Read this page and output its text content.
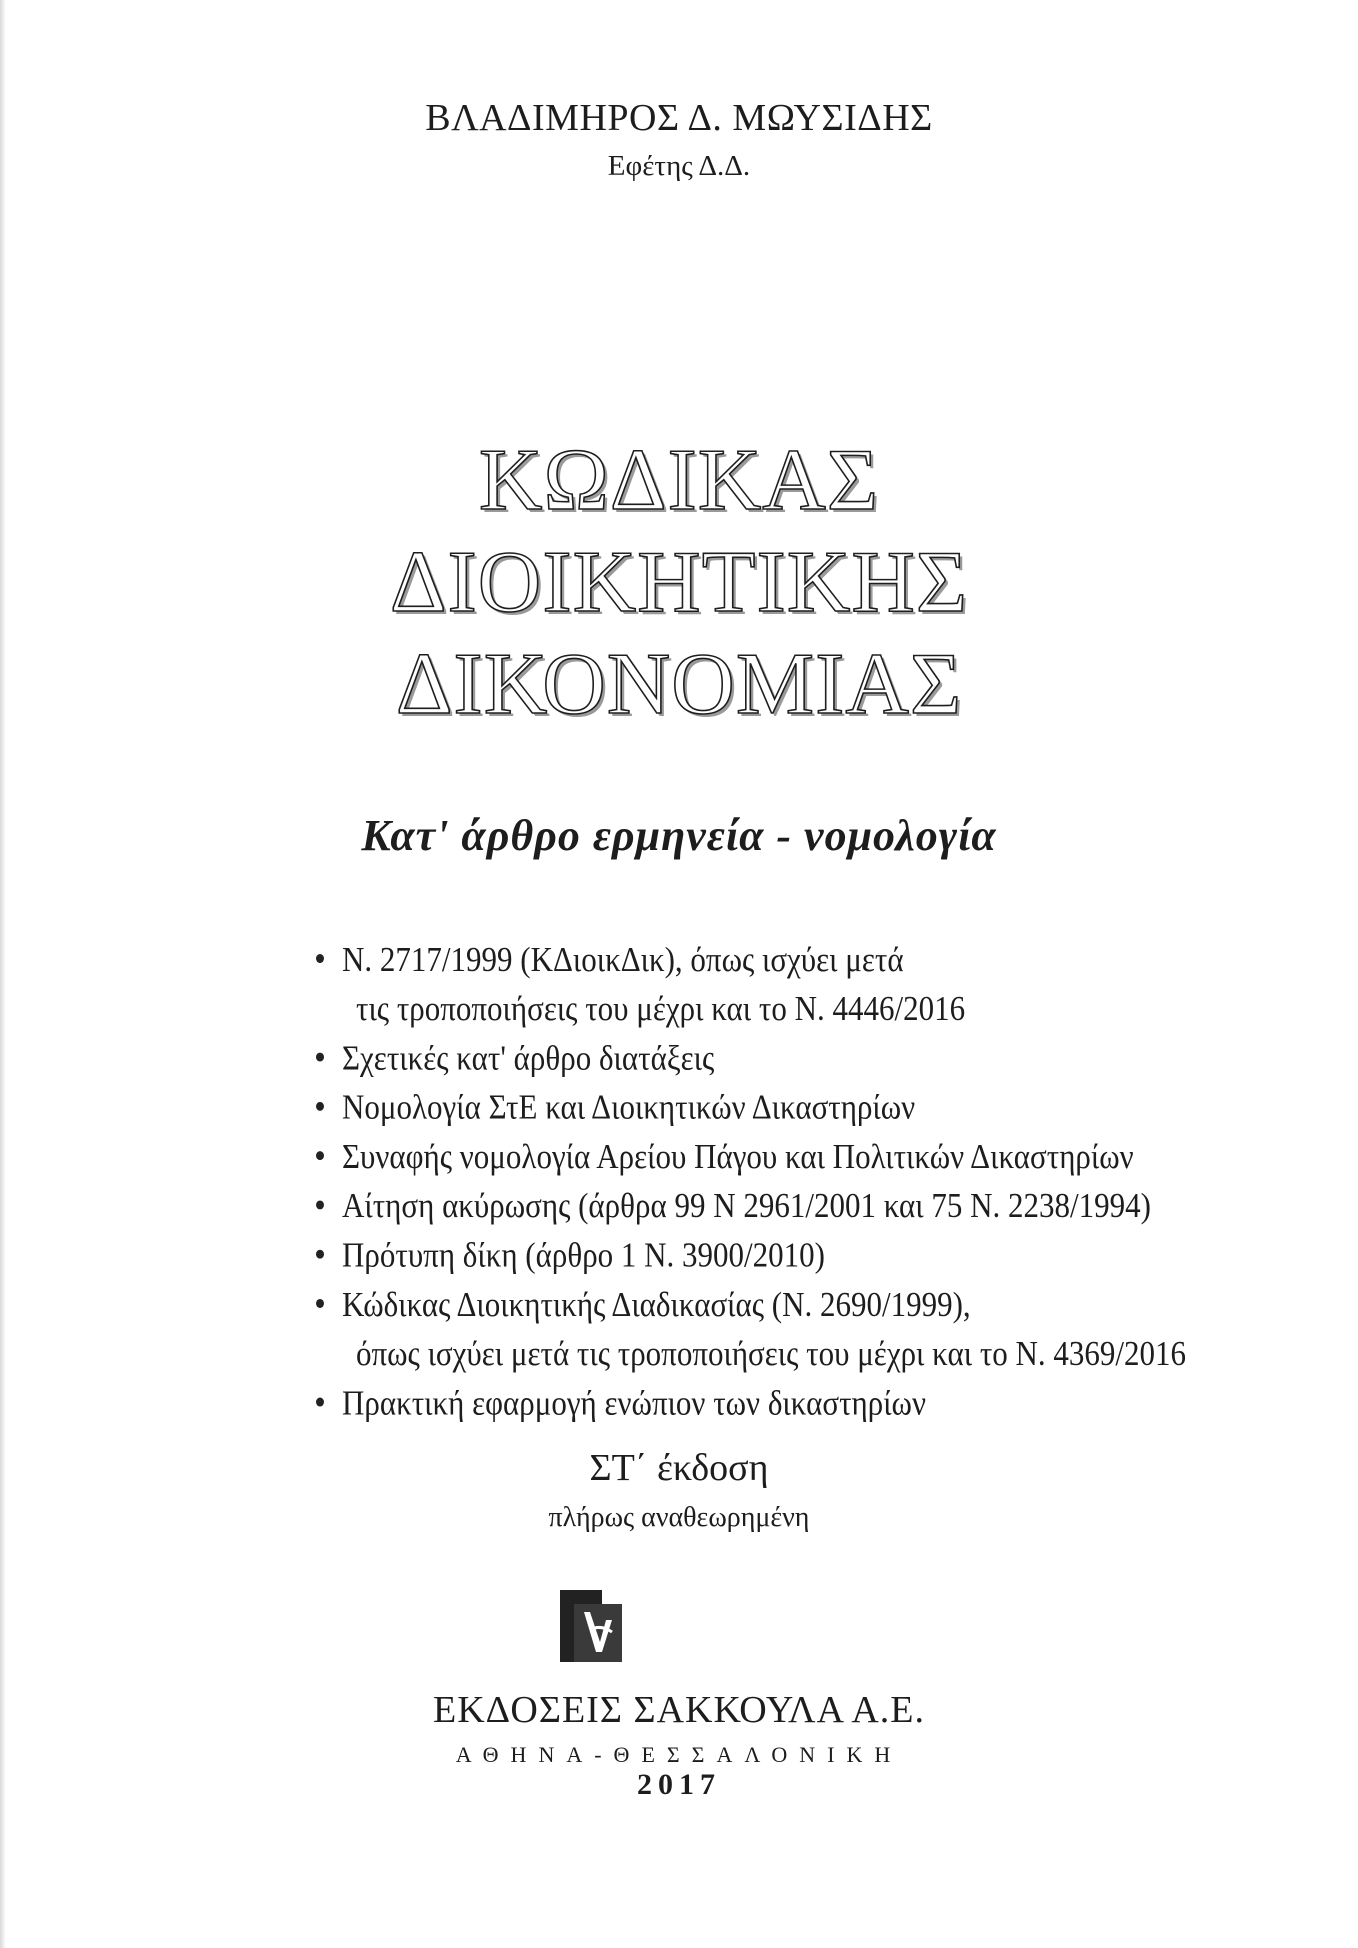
ΒΛΑΔΙΜΗΡΟΣ Δ. ΜΩΥΣΙΔΗΣ
Εφέτης Δ.Δ.
ΚΩΔΙΚΑΣ
ΔΙΟΙΚΗΤΙΚΗΣ
ΔΙΚΟΝΟΜΙΑΣ
Κατ' άρθρο ερμηνεία - νομολογία
Ν. 2717/1999 (ΚΔιοικΔικ), όπως ισχύει μετά
τις τροποποιήσεις του μέχρι και το Ν. 4446/2016
Σχετικές κατ' άρθρο διατάξεις
Νομολογία ΣτΕ και Διοικητικών Δικαστηρίων
Συναφής νομολογία Αρείου Πάγου και Πολιτικών Δικαστηρίων
Αίτηση ακύρωσης (άρθρα 99 Ν 2961/2001 και 75 Ν. 2238/1994)
Πρότυπη δίκη (άρθρο 1 Ν. 3900/2010)
Κώδικας Διοικητικής Διαδικασίας (Ν. 2690/1999),
όπως ισχύει μετά τις τροποποιήσεις του μέχρι και το Ν. 4369/2016
Πρακτική εφαρμογή ενώπιον των δικαστηρίων
ΣΤ΄ έκδοση
πλήρως αναθεωρημένη
ΕΚΔΟΣΕΙΣ ΣΑΚΚΟΥΛΑ Α.Ε.
ΑΘΗΝΑ-ΘΕΣΣΑΛΟΝΙΚΗ
2017
